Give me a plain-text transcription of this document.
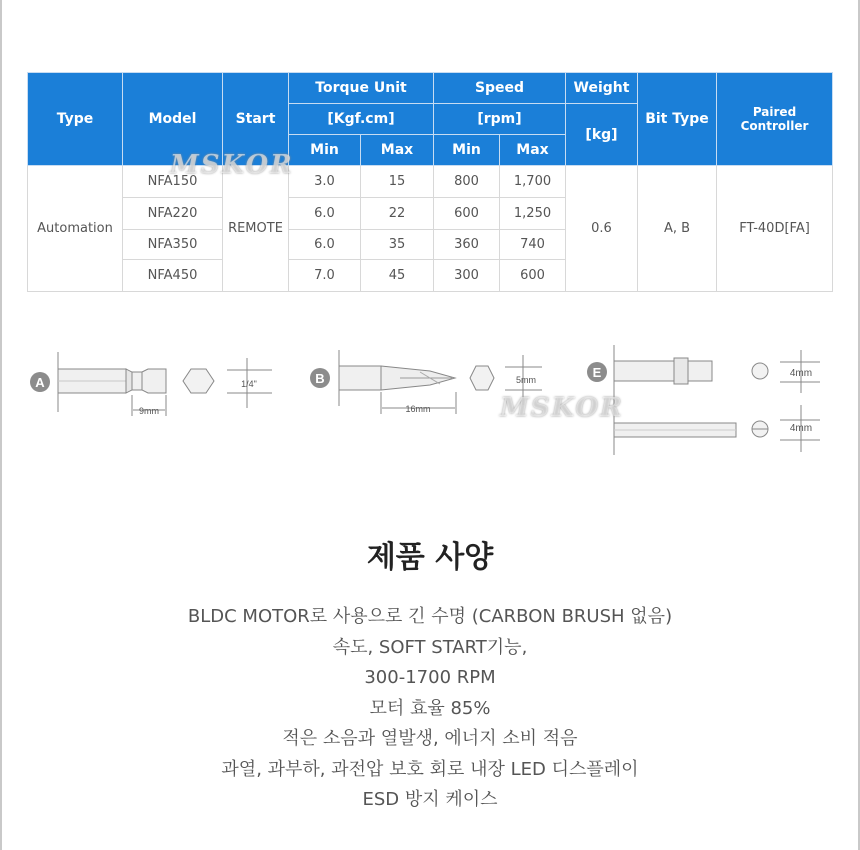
Type	Model	Start	Torque Unit		Speed		Weight	Bit Type	Paired Controller
			[Kgf.cm]		[rpm]		[kg]		
			Min	Max	Min	Max			
Automation	NFA150	REMOTE	3.0	15	800	1,700	0.6	A, B	FT-40D[FA]
	NFA220		6.0	22	600	1,250			
	NFA350		6.0	35	360	740			
	NFA450		7.0	45	300	600			
MSKOR
A
9mm
1/4"	B
16mm
5mm	E	4mm
4mm
MSKOR
제품 사양
BLDC MOTOR로 사용으로 긴 수명 (CARBON BRUSH 없음)
속도, SOFT START기능,
300-1700 RPM
모터 효율 85%
적은 소음과 열발생, 에너지 소비 적음
과열, 과부하, 과전압 보호 회로 내장 LED 디스플레이
ESD 방지 케이스
